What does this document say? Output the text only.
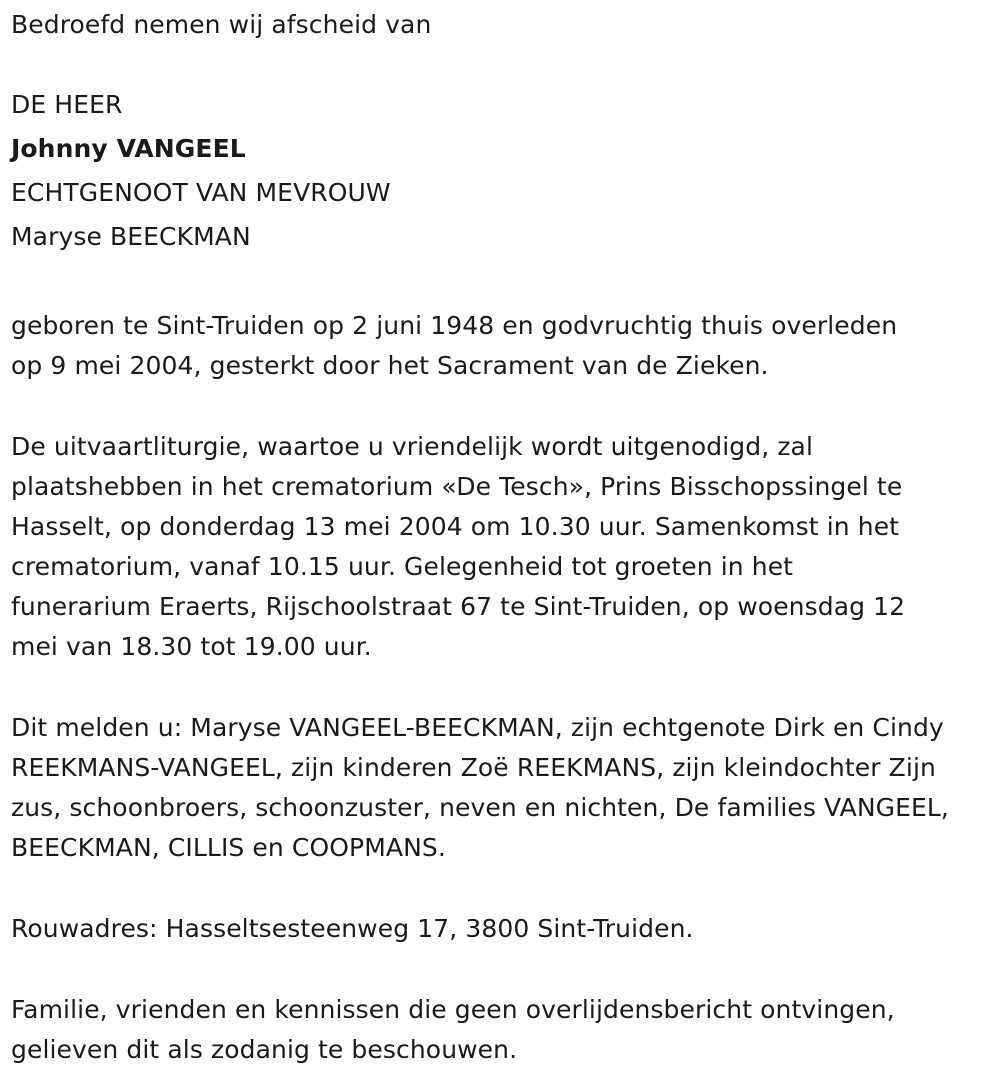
Bedroefd nemen wij afscheid van
DE HEER
Johnny VANGEEL
ECHTGENOOT VAN MEVROUW
Maryse BEECKMAN
geboren te Sint-Truiden op 2 juni 1948 en godvruchtig thuis overleden
op 9 mei 2004, gesterkt door het Sacrament van de Zieken.
De uitvaartliturgie, waartoe u vriendelijk wordt uitgenodigd, zal
plaatshebben in het crematorium «De Tesch», Prins Bisschopssingel te
Hasselt, op donderdag 13 mei 2004 om 10.30 uur. Samenkomst in het
crematorium, vanaf 10.15 uur. Gelegenheid tot groeten in het
funerarium Eraerts, Rijschoolstraat 67 te Sint-Truiden, op woensdag 12
mei van 18.30 tot 19.00 uur.
Dit melden u: Maryse VANGEEL-BEECKMAN, zijn echtgenote Dirk en Cindy
REEKMANS-VANGEEL, zijn kinderen Zoë REEKMANS, zijn kleindochter Zijn
zus, schoonbroers, schoonzuster, neven en nichten, De families VANGEEL,
BEECKMAN, CILLIS en COOPMANS.
Rouwadres: Hasseltsesteenweg 17, 3800 Sint-Truiden.
Familie, vrienden en kennissen die geen overlijdensbericht ontvingen,
gelieven dit als zodanig te beschouwen.
